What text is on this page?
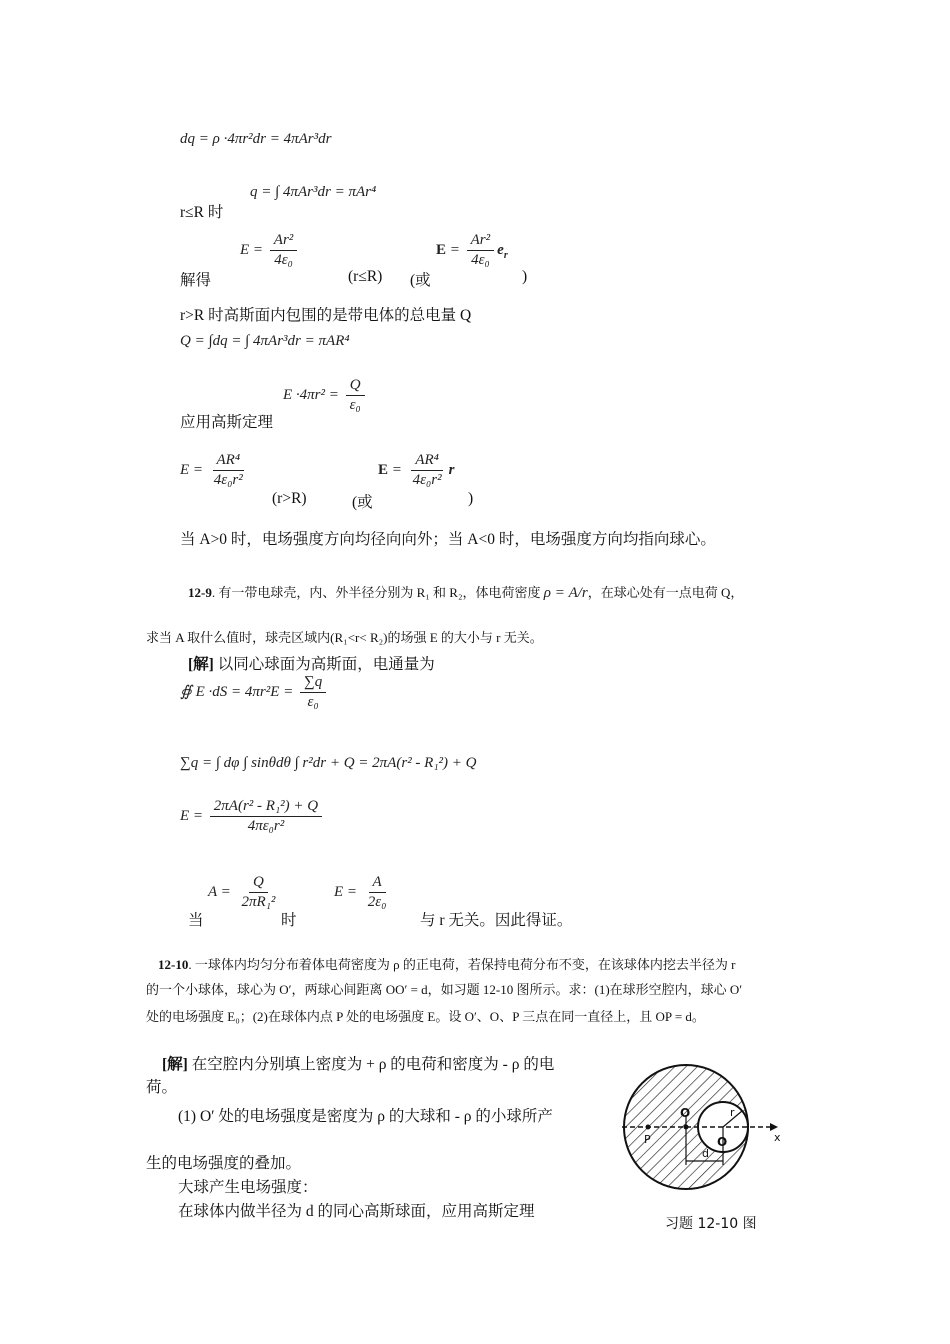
dq = ρ ·4πr²dr = 4πAr³dr
r≤R 时
q = ∫ 4πAr³dr = πAr⁴
解得
$E = \frac{\text{Ar²}}{\text{4ε₀}}$
(r≤R) (或
$E = \frac{\text{Ar²}}{\text{4ε₀}} e_r$
)
r>R 时高斯面内包围的是带电体的总电量 Q
Q = ∫dq = ∫ 4πAr³dr = πAR⁴
应用高斯定理
$E \cdot 4\pi r^2 = \frac{Q}{\text{ε₀}}$
$E = \frac{\text{AR⁴}}{\text{4ε₀r²}}$
(r>R)	(或
$E = \frac{\text{AR⁴}}{\text{4ε₀r²}}$ r
)
当 A>0 时，电场强度方向均径向向外；当 A<0 时，电场强度方向均指向球心。
12-9. 有一带电球壳，内、外半径分别为 R₁ 和 R₂，体电荷密度 ρ = A/r，在球心处有一点电荷 Q，
求当 A 取什么值时，球壳区域内(R₁<r< R₂)的场强 E 的大小与 r 无关。
[解] 以同心球面为高斯面，电通量为
∯ $E \cdot dS = 4\pi r^2E = \frac{\sum q}{\text{ε₀}}$
∑q = ∫ dφ ∫ sinθdθ ∫ r²dr + Q = 2πA(r² - R₁²) + Q
$E = \frac{\text{2πA(r² - R₁²) + Q}}{\text{4πε₀r²}}$
当
$A = \frac{Q}{\text{2πR₁²}}$
时
$E = \frac{A}{\text{2ε₀}}$
与 r 无关。因此得证。
12-10. 一球体内均匀分布着体电荷密度为 ρ 的正电荷，若保持电荷分布不变，在该球体内挖去半径为 r
的一个小球体，球心为 O′，两球心间距离 OO′ = d，如习题 12-10 图所示。求：(1)在球形空腔内，球心 O′
处的电场强度 E₀；(2)在球体内点 P 处的电场强度 E。设 O′、O、P 三点在同一直径上，且 OP = d。
[解] 在空腔内分别填上密度为 + ρ 的电荷和密度为 - ρ 的电
荷。
(1) O′ 处的电场强度是密度为 ρ 的大球和 - ρ 的小球所产
生的电场强度的叠加。
大球产生电场强度：
在球体内做半径为 d 的同心高斯球面，应用高斯定理
O
O
r
P
d
x
习题 12-10 图
